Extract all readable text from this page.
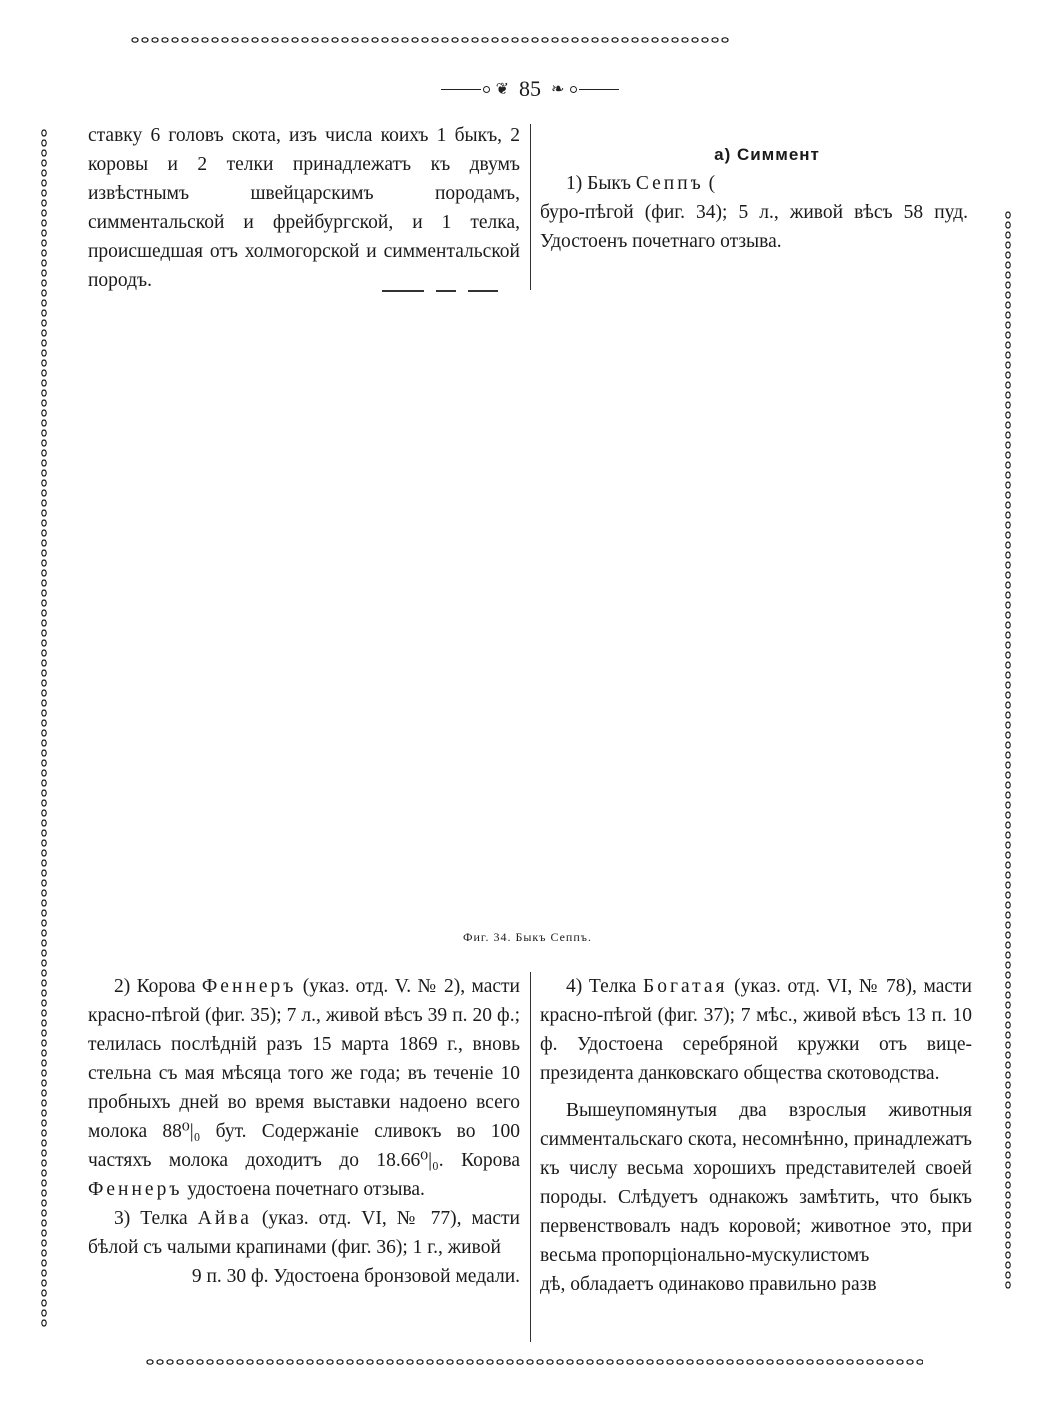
❦ 85 ❧

ставку 6 головъ скота, изъ числа коихъ 1 быкъ, 2 коровы и 2 телки принадлежатъ къ двумъ извѣстнымъ швейцарскимъ породамъ, симментальской и фрейбургской, и 1 телка, происшедшая отъ холмогорской и симментальской породъ.

а) Симмент

1) Быкъ Сеппъ (

буро-пѣгой (фиг. 34); 5 л., живой вѣсъ 58 пуд. Удостоенъ почетнаго отзыва.

Фиг. 34. Быкъ Сеппъ.

2) Корова Феннеръ (указ. отд. V. № 2), масти красно-пѣгой (фиг. 35); 7 л., живой вѣсъ 39 п. 20 ф.; телилась послѣдній разъ 15 марта 1869 г., вновь стельна съ мая мѣсяца того же года; въ теченіе 10 пробныхъ дней во время выставки надоено всего молока 88⁰|₀ бут. Содержаніе сливокъ во 100 частяхъ молока доходитъ до 18.66⁰|₀. Корова Феннеръ удостоена почетнаго отзыва.

3) Телка Айва (указ. отд. VI, № 77), масти бѣлой съ чалыми крапинами (фиг. 36); 1 г., живой

9 п. 30 ф. Удостоена бронзовой медали.

4) Телка Богатая (указ. отд. VI, № 78), масти красно-пѣгой (фиг. 37); 7 мѣс., живой вѣсъ 13 п. 10 ф. Удостоена серебряной кружки отъ вице-президента данковскаго общества скотоводства.

Вышеупомянутыя два взрослыя животныя симментальскаго скота, несомнѣнно, принадлежатъ къ числу весьма хорошихъ представителей своей породы. Слѣдуетъ однакожъ замѣтить, что быкъ первенствовалъ надъ коровой; животное это, при весьма пропорціонально-мускулистомъ

дѣ, обладаетъ одинаково правильно разв
